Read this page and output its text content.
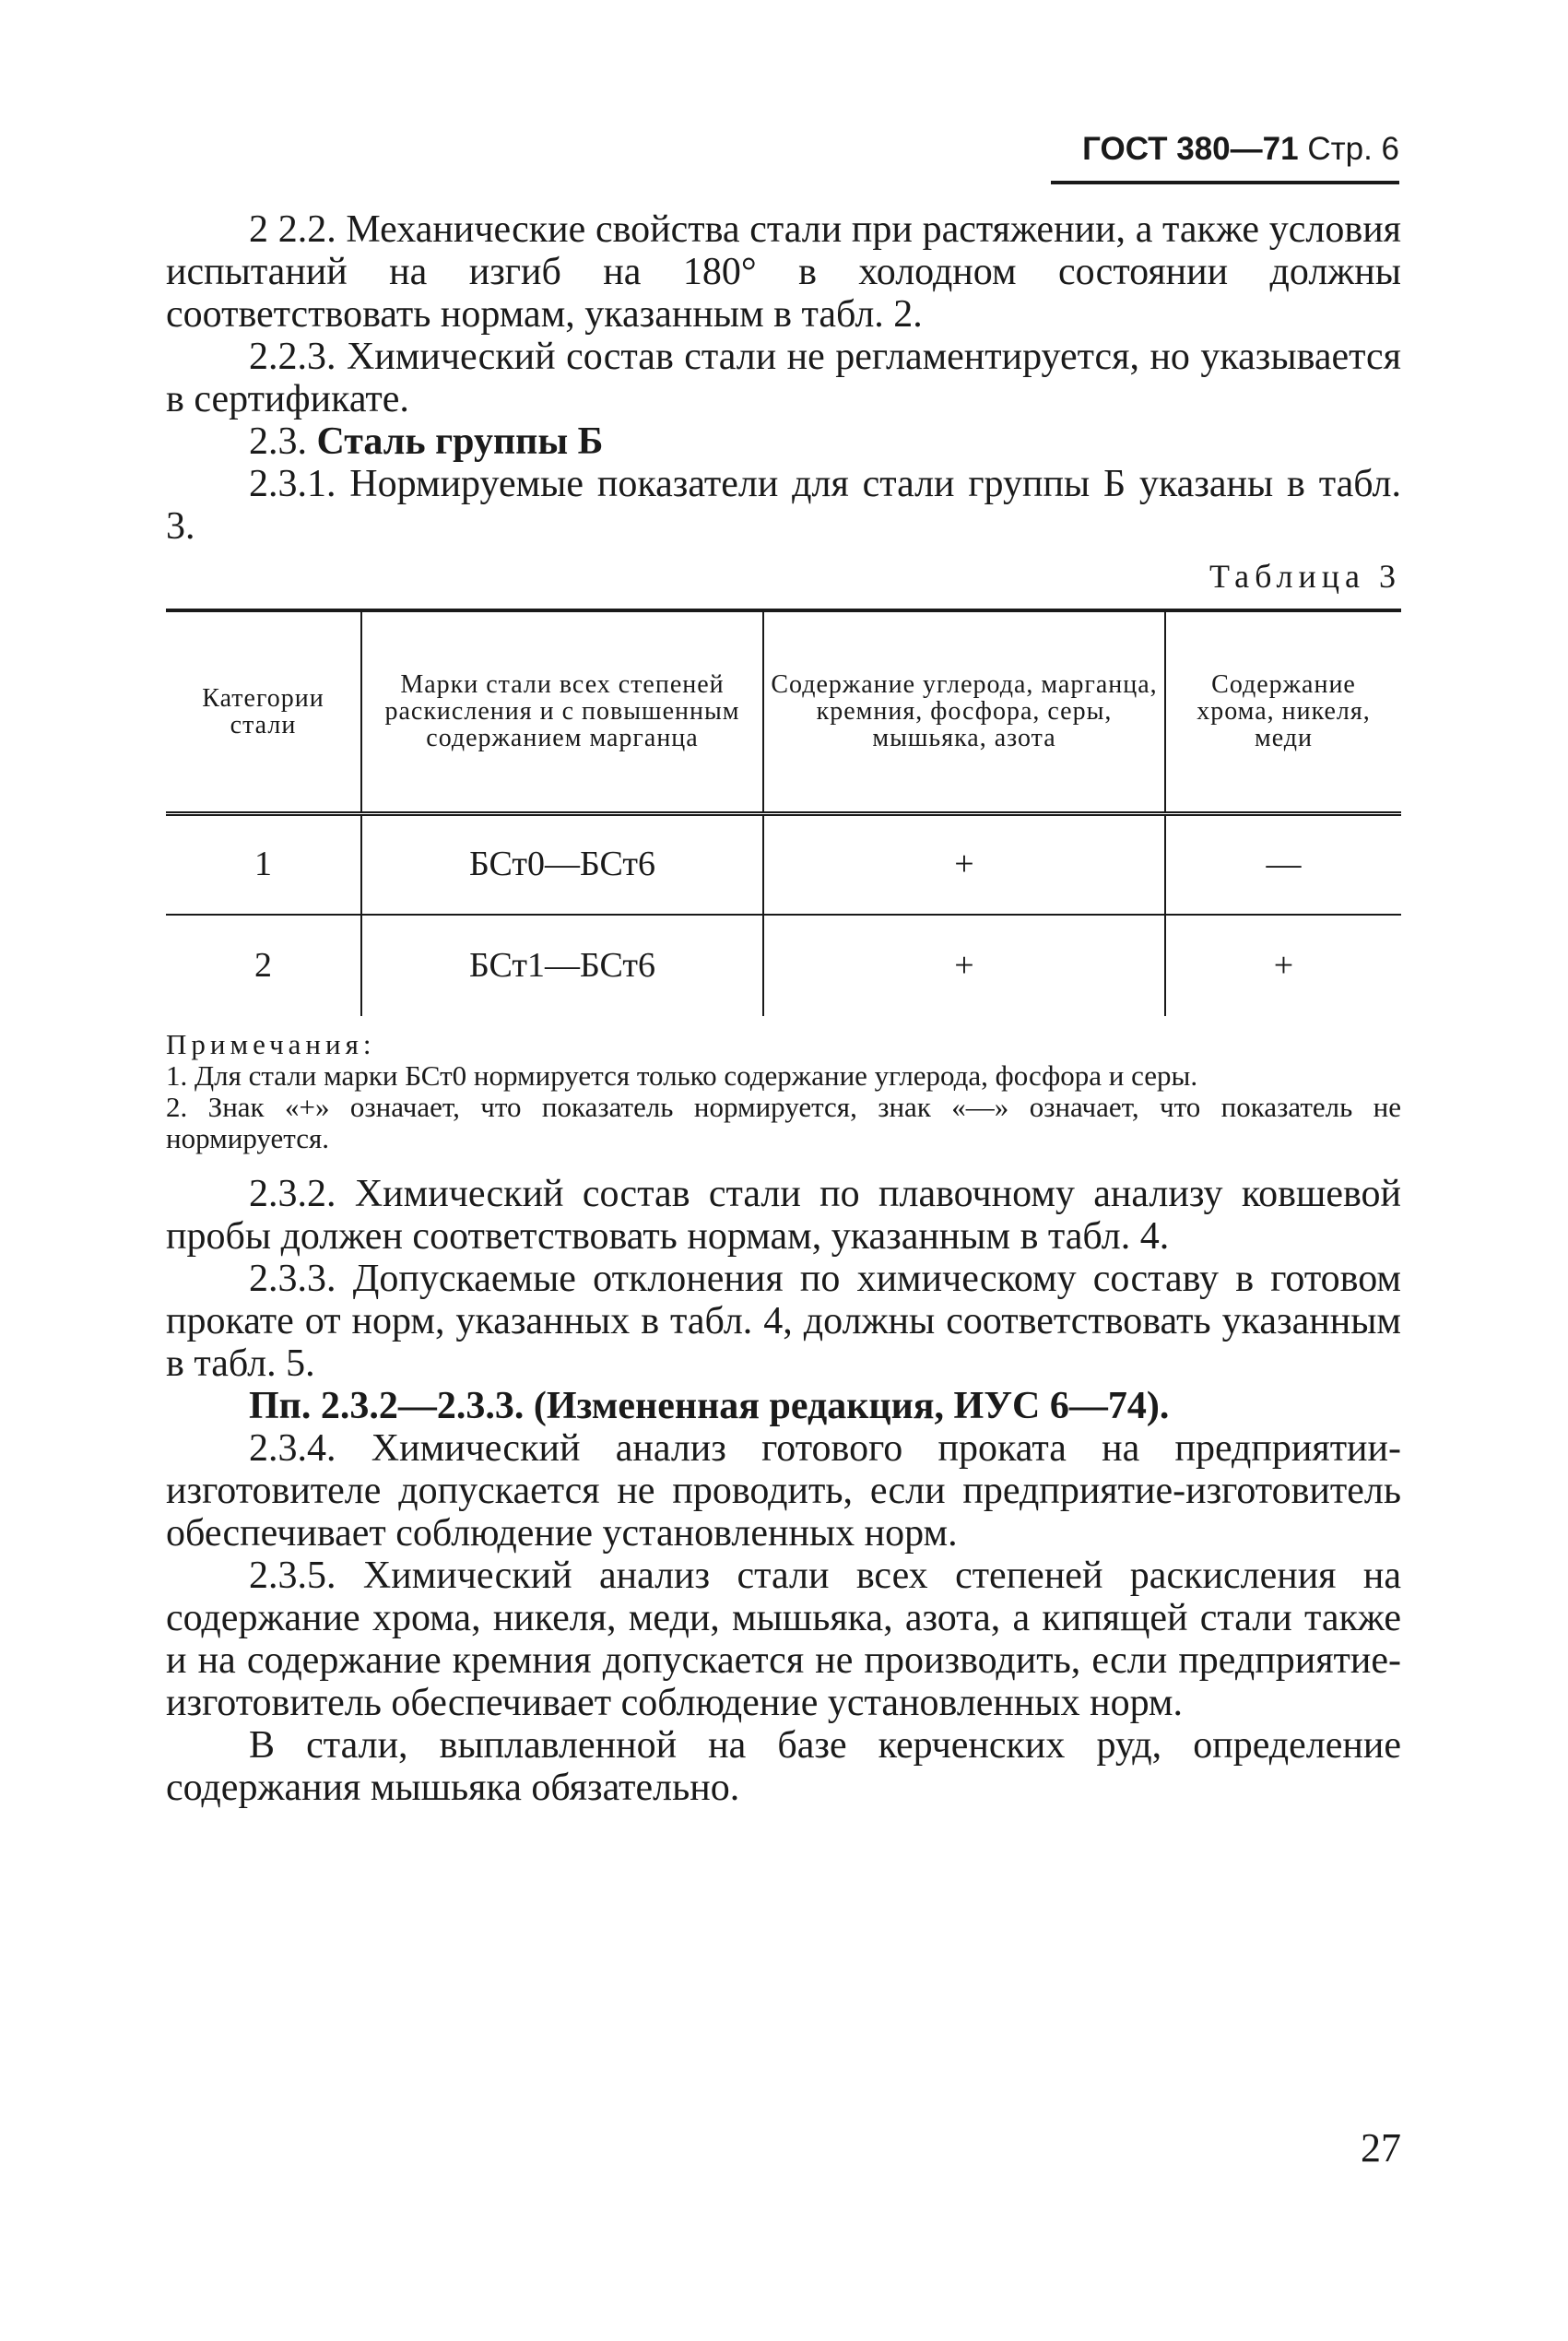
ГОСТ 380—71 Стр. 6

2 2.2. Механические свойства стали при растяжении, а также условия испытаний на изгиб на 180° в холодном состоянии должны соответствовать нормам, указанным в табл. 2.

2.2.3. Химический состав стали не регламентируется, но указывается в сертификате.

2.3. Сталь группы Б

2.3.1. Нормируемые показатели для стали группы Б указаны в табл. 3.

Таблица 3
Категории стали	Марки стали всех степеней раскисления и с повышенным содержанием марганца	Содержание углерода, марганца, кремния, фосфора, серы, мышьяка, азота	Содержание хрома, никеля, меди
1	БСт0—БСт6	+	—
2	БСт1—БСт6	+	+

Примечания:

1. Для стали марки БСт0 нормируется только содержание углерода, фосфора и серы.

2. Знак «+» означает, что показатель нормируется, знак «—» означает, что показатель не нормируется.

2.3.2. Химический состав стали по плавочному анализу ковшевой пробы должен соответствовать нормам, указанным в табл. 4.

2.3.3. Допускаемые отклонения по химическому составу в готовом прокате от норм, указанных в табл. 4, должны соответствовать указанным в табл. 5.

Пп. 2.3.2—2.3.3. (Измененная редакция, ИУС 6—74).

2.3.4. Химический анализ готового проката на предприятии-изготовителе допускается не проводить, если предприятие-изготовитель обеспечивает соблюдение установленных норм.

2.3.5. Химический анализ стали всех степеней раскисления на содержание хрома, никеля, меди, мышьяка, азота, а кипящей стали также и на содержание кремния допускается не производить, если предприятие-изготовитель обеспечивает соблюдение установленных норм.

В стали, выплавленной на базе керченских руд, определение содержания мышьяка обязательно.

27
